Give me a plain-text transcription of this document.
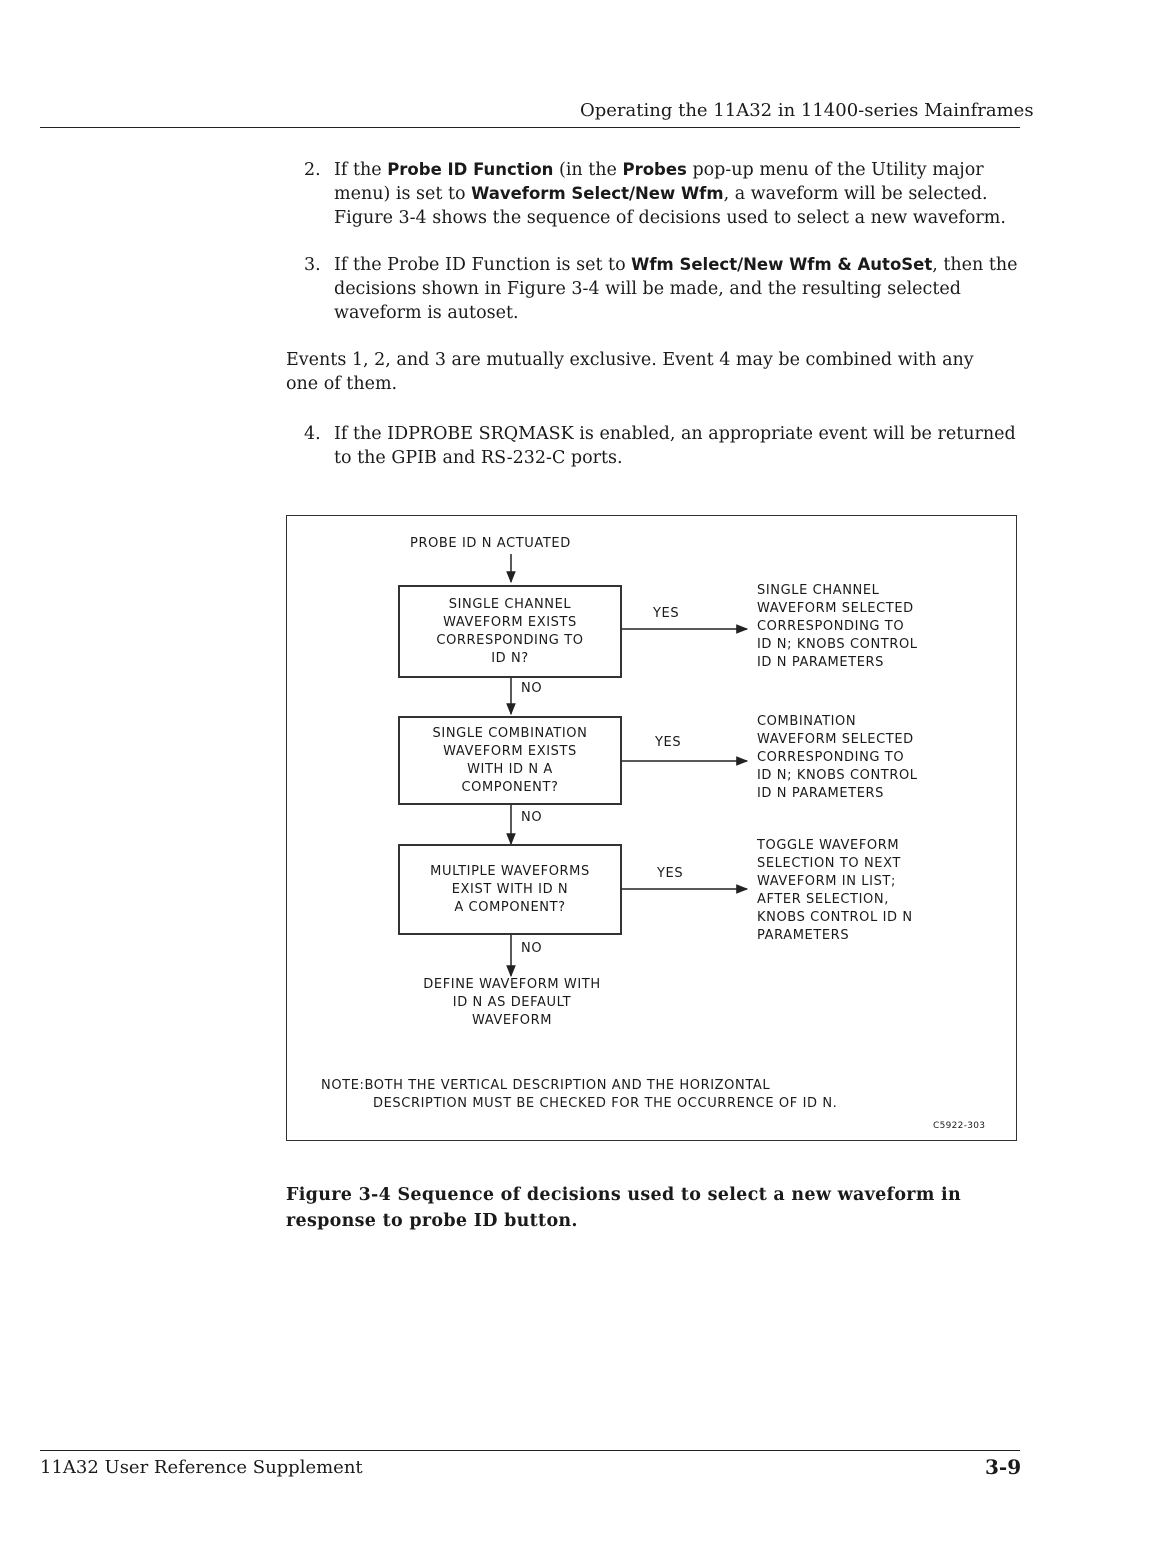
Operating the 11A32 in 11400-series Mainframes
2. If the Probe ID Function (in the Probes pop-up menu of the Utility major menu) is set to Waveform Select/New Wfm, a waveform will be selected. Figure 3-4 shows the sequence of decisions used to select a new waveform.
3. If the Probe ID Function is set to Wfm Select/New Wfm & AutoSet, then the decisions shown in Figure 3-4 will be made, and the resulting selected waveform is autoset.
Events 1, 2, and 3 are mutually exclusive. Event 4 may be combined with any one of them.
4. If the IDPROBE SRQMASK is enabled, an appropriate event will be returned to the GPIB and RS-232-C ports.
PROBE ID N ACTUATED
SINGLE CHANNEL
WAVEFORM EXISTS
CORRESPONDING TO
ID N?
SINGLE COMBINATION
WAVEFORM EXISTS
WITH ID N A
COMPONENT?
MULTIPLE WAVEFORMS
EXIST WITH ID N
A COMPONENT?
YES
YES
YES
NO
NO
NO
SINGLE CHANNEL
WAVEFORM SELECTED
CORRESPONDING TO
ID N; KNOBS CONTROL
ID N PARAMETERS
COMBINATION
WAVEFORM SELECTED
CORRESPONDING TO
ID N; KNOBS CONTROL
ID N PARAMETERS
TOGGLE WAVEFORM
SELECTION TO NEXT
WAVEFORM IN LIST;
AFTER SELECTION,
KNOBS CONTROL ID N
PARAMETERS
DEFINE WAVEFORM WITH
ID N AS DEFAULT
WAVEFORM
NOTE:BOTH THE VERTICAL DESCRIPTION AND THE HORIZONTAL
DESCRIPTION MUST BE CHECKED FOR THE OCCURRENCE OF ID N.
C5922-303
Figure 3-4 Sequence of decisions used to select a new waveform in response to probe ID button.
11A32 User Reference Supplement	3-9
